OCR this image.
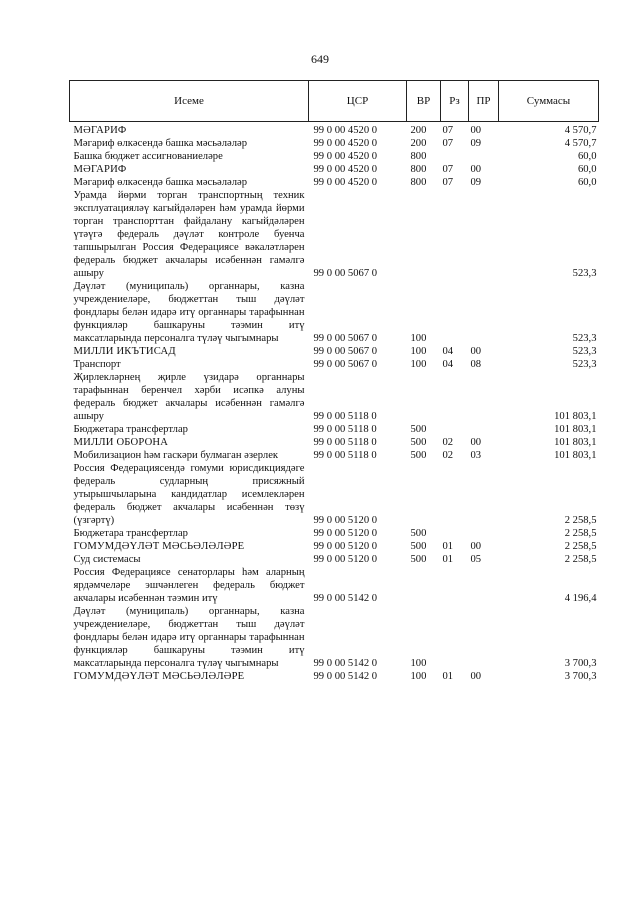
649
Исеме	ЦСР	ВР	Рз	ПР	Суммасы
МӘГАРИФ	99 0 00 4520 0	200	07	00	4 570,7
Мәгариф өлкәсендә башка мәсьәләләр	99 0 00 4520 0	200	07	09	4 570,7
Башка бюджет ассигнованиеләре	99 0 00 4520 0	800			60,0
МӘГАРИФ	99 0 00 4520 0	800	07	00	60,0
Мәгариф өлкәсендә башка мәсьәләләр	99 0 00 4520 0	800	07	09	60,0
Урамда йөрми торган транспортның техник эксплуатациялəү кагыйдәләрен һәм урамда йөрми торган транспорттан файдалану кагыйдәләрен үтәүгә федераль дәүләт контроле буенча тапшырылган Россия Федерациясе вәкаләтләрен федераль бюджет акчалары исәбеннән гамәлгә ашыру	99 0 00 5067 0				523,3
Дәүләт (муниципаль) органнары, казна учреждениеләре, бюджеттан тыш дәүләт фондлары белән идарә итү органнары тарафыннан функцияләр башкаруны тәэмин итү максатларында персоналга түләү чыгымнары	99 0 00 5067 0	100			523,3
МИЛЛИ ИКЪТИСАД	99 0 00 5067 0	100	04	00	523,3
Транспорт	99 0 00 5067 0	100	04	08	523,3
Җирлекләрнең җирле үзидарә органнары тарафыннан беренчел хәрби исәпкә алуны федераль бюджет акчалары исәбеннән гамәлгә ашыру	99 0 00 5118 0				101 803,1
Бюджетара трансфертлар	99 0 00 5118 0	500			101 803,1
МИЛЛИ ОБОРОНА	99 0 00 5118 0	500	02	00	101 803,1
Мобилизацион һәм гаскәри булмаган әзерлек	99 0 00 5118 0	500	02	03	101 803,1
Россия Федерациясендә гомуми юрисдикциядәге федераль судларның присяжный утырышчыларына кандидатлар исемлекләрен федераль бюджет акчалары исәбеннән төзү (үзгәртү)	99 0 00 5120 0				2 258,5
Бюджетара трансфертлар	99 0 00 5120 0	500			2 258,5
ГОМУМДӘҮЛӘТ МӘСЬӘЛӘЛӘРЕ	99 0 00 5120 0	500	01	00	2 258,5
Суд системасы	99 0 00 5120 0	500	01	05	2 258,5
Россия Федерациясе сенаторлары һәм аларның ярдәмчеләре эшчәнлеген федераль бюджет акчалары исәбеннән тәэмин итү	99 0 00 5142 0				4 196,4
Дәүләт (муниципаль) органнары, казна учреждениеләре, бюджеттан тыш дәүләт фондлары белән идарә итү органнары тарафыннан функцияләр башкаруны тәэмин итү максатларында персоналга түләү чыгымнары	99 0 00 5142 0	100			3 700,3
ГОМУМДӘҮЛӘТ МӘСЬӘЛӘЛӘРЕ	99 0 00 5142 0	100	01	00	3 700,3
